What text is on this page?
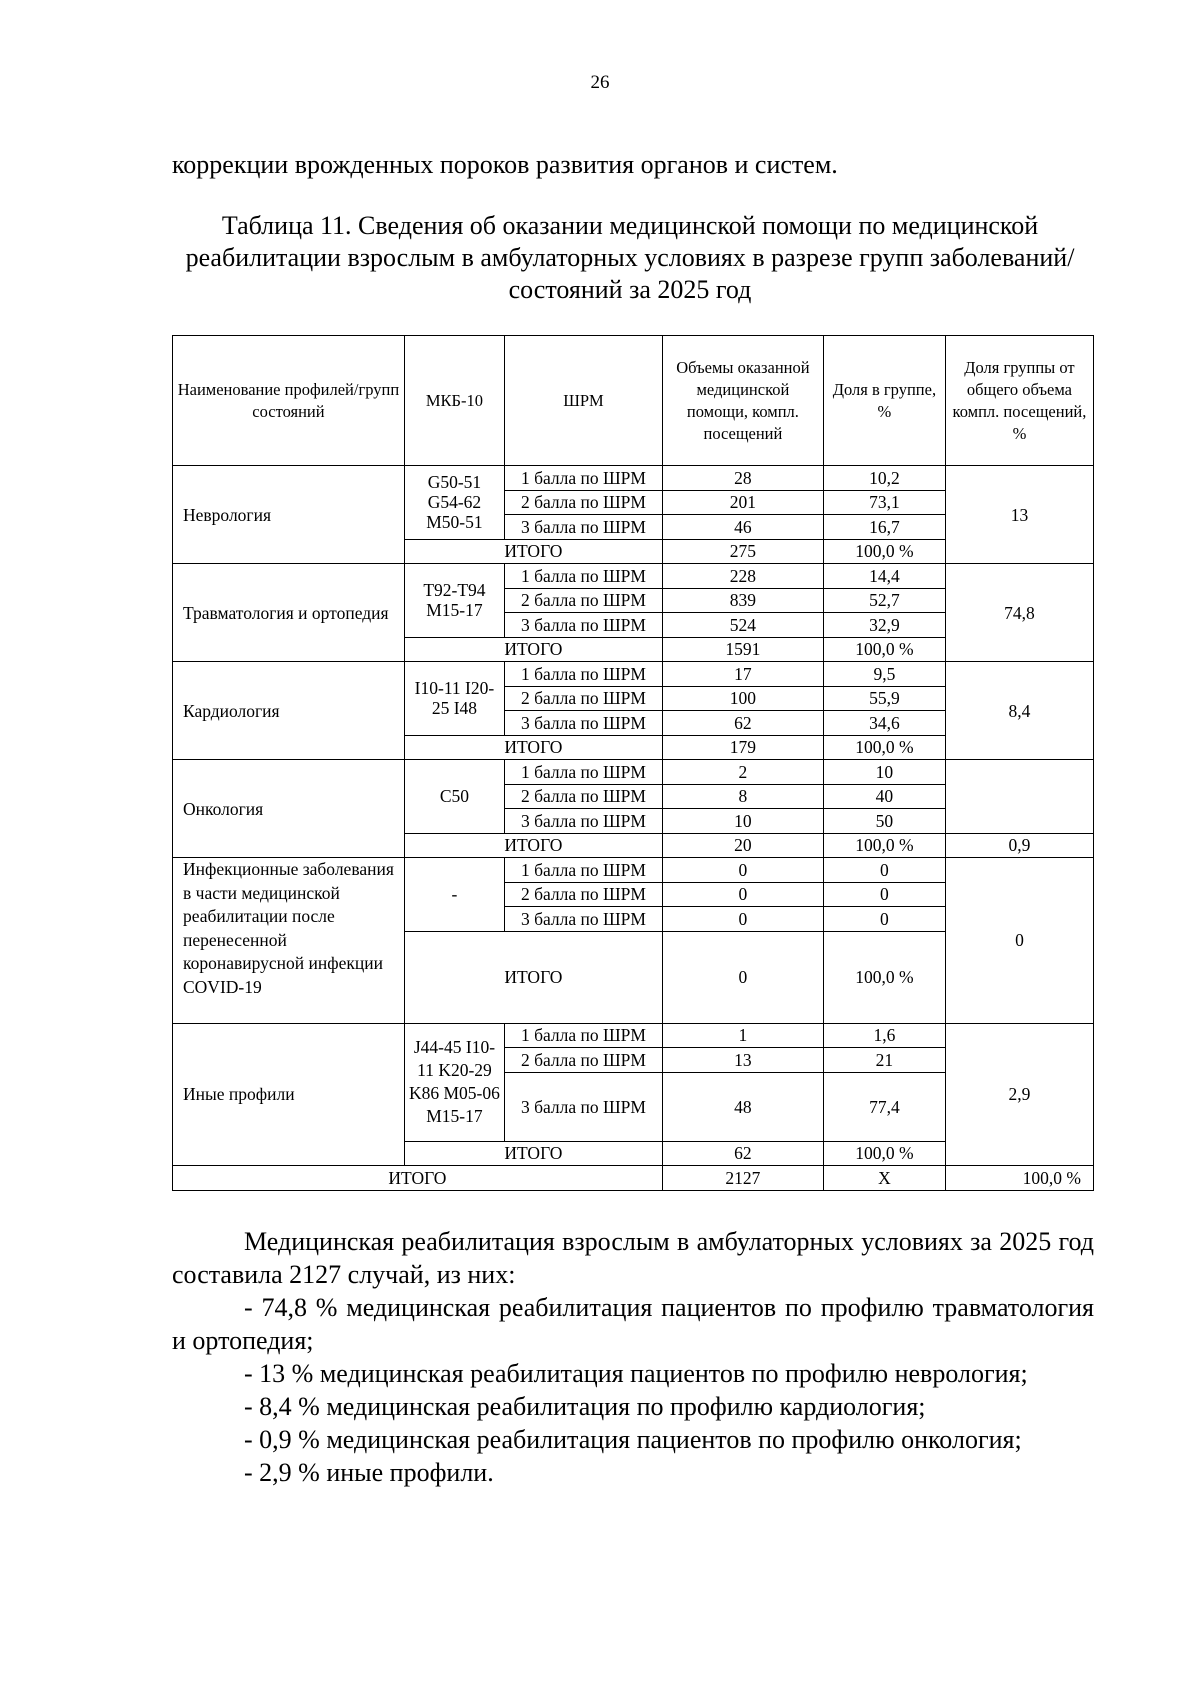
26
коррекции врожденных пороков развития органов и систем.
Таблица 11. Сведения об оказании медицинской помощи по медицинской реабилитации взрослым в амбулаторных условиях в разрезе групп заболеваний/состояний за 2025 год
Наименование профилей/групп состояний	МКБ-10	ШРМ	Объемы оказанной медицинской помощи, компл. посещений	Доля в группе, %	Доля группы от общего объема компл. посещений, %
Неврология	G50-51 G54-62 M50-51	1 балла по ШРМ	28	10,2	13
		2 балла по ШРМ	201	73,1	
		3 балла по ШРМ	46	16,7	
	ИТОГО		275	100,0 %	
Травматология и ортопедия	T92-T94 M15-17	1 балла по ШРМ	228	14,4	74,8
		2 балла по ШРМ	839	52,7	
		3 балла по ШРМ	524	32,9	
	ИТОГО		1591	100,0 %	
Кардиология	I10-11 I20-25 I48	1 балла по ШРМ	17	9,5	8,4
		2 балла по ШРМ	100	55,9	
		3 балла по ШРМ	62	34,6	
	ИТОГО		179	100,0 %	
Онкология	C50	1 балла по ШРМ	2	10	
		2 балла по ШРМ	8	40	
		3 балла по ШРМ	10	50	
	ИТОГО		20	100,0 %	0,9
Инфекционные заболевания в части медицинской реабилитации после перенесенной коронавирусной инфекции COVID-19	-	1 балла по ШРМ	0	0	0
		2 балла по ШРМ	0	0	
		3 балла по ШРМ	0	0	
	ИТОГО		0	100,0 %	
Иные профили	J44-45 I10-11 K20-29 K86 M05-06 M15-17	1 балла по ШРМ	1	1,6	2,9
		2 балла по ШРМ	13	21	
		3 балла по ШРМ	48	77,4	
	ИТОГО		62	100,0 %	
ИТОГО			2127	Х	100,0 %

Медицинская реабилитация взрослым в амбулаторных условиях за 2025 год составила 2127 случай, из них:

- 74,8 % медицинская реабилитация пациентов по профилю травматология и ортопедия;

- 13 % медицинская реабилитация пациентов по профилю неврология;

- 8,4 % медицинская реабилитация по профилю кардиология;

- 0,9 % медицинская реабилитация пациентов по профилю онкология;

- 2,9 % иные профили.
